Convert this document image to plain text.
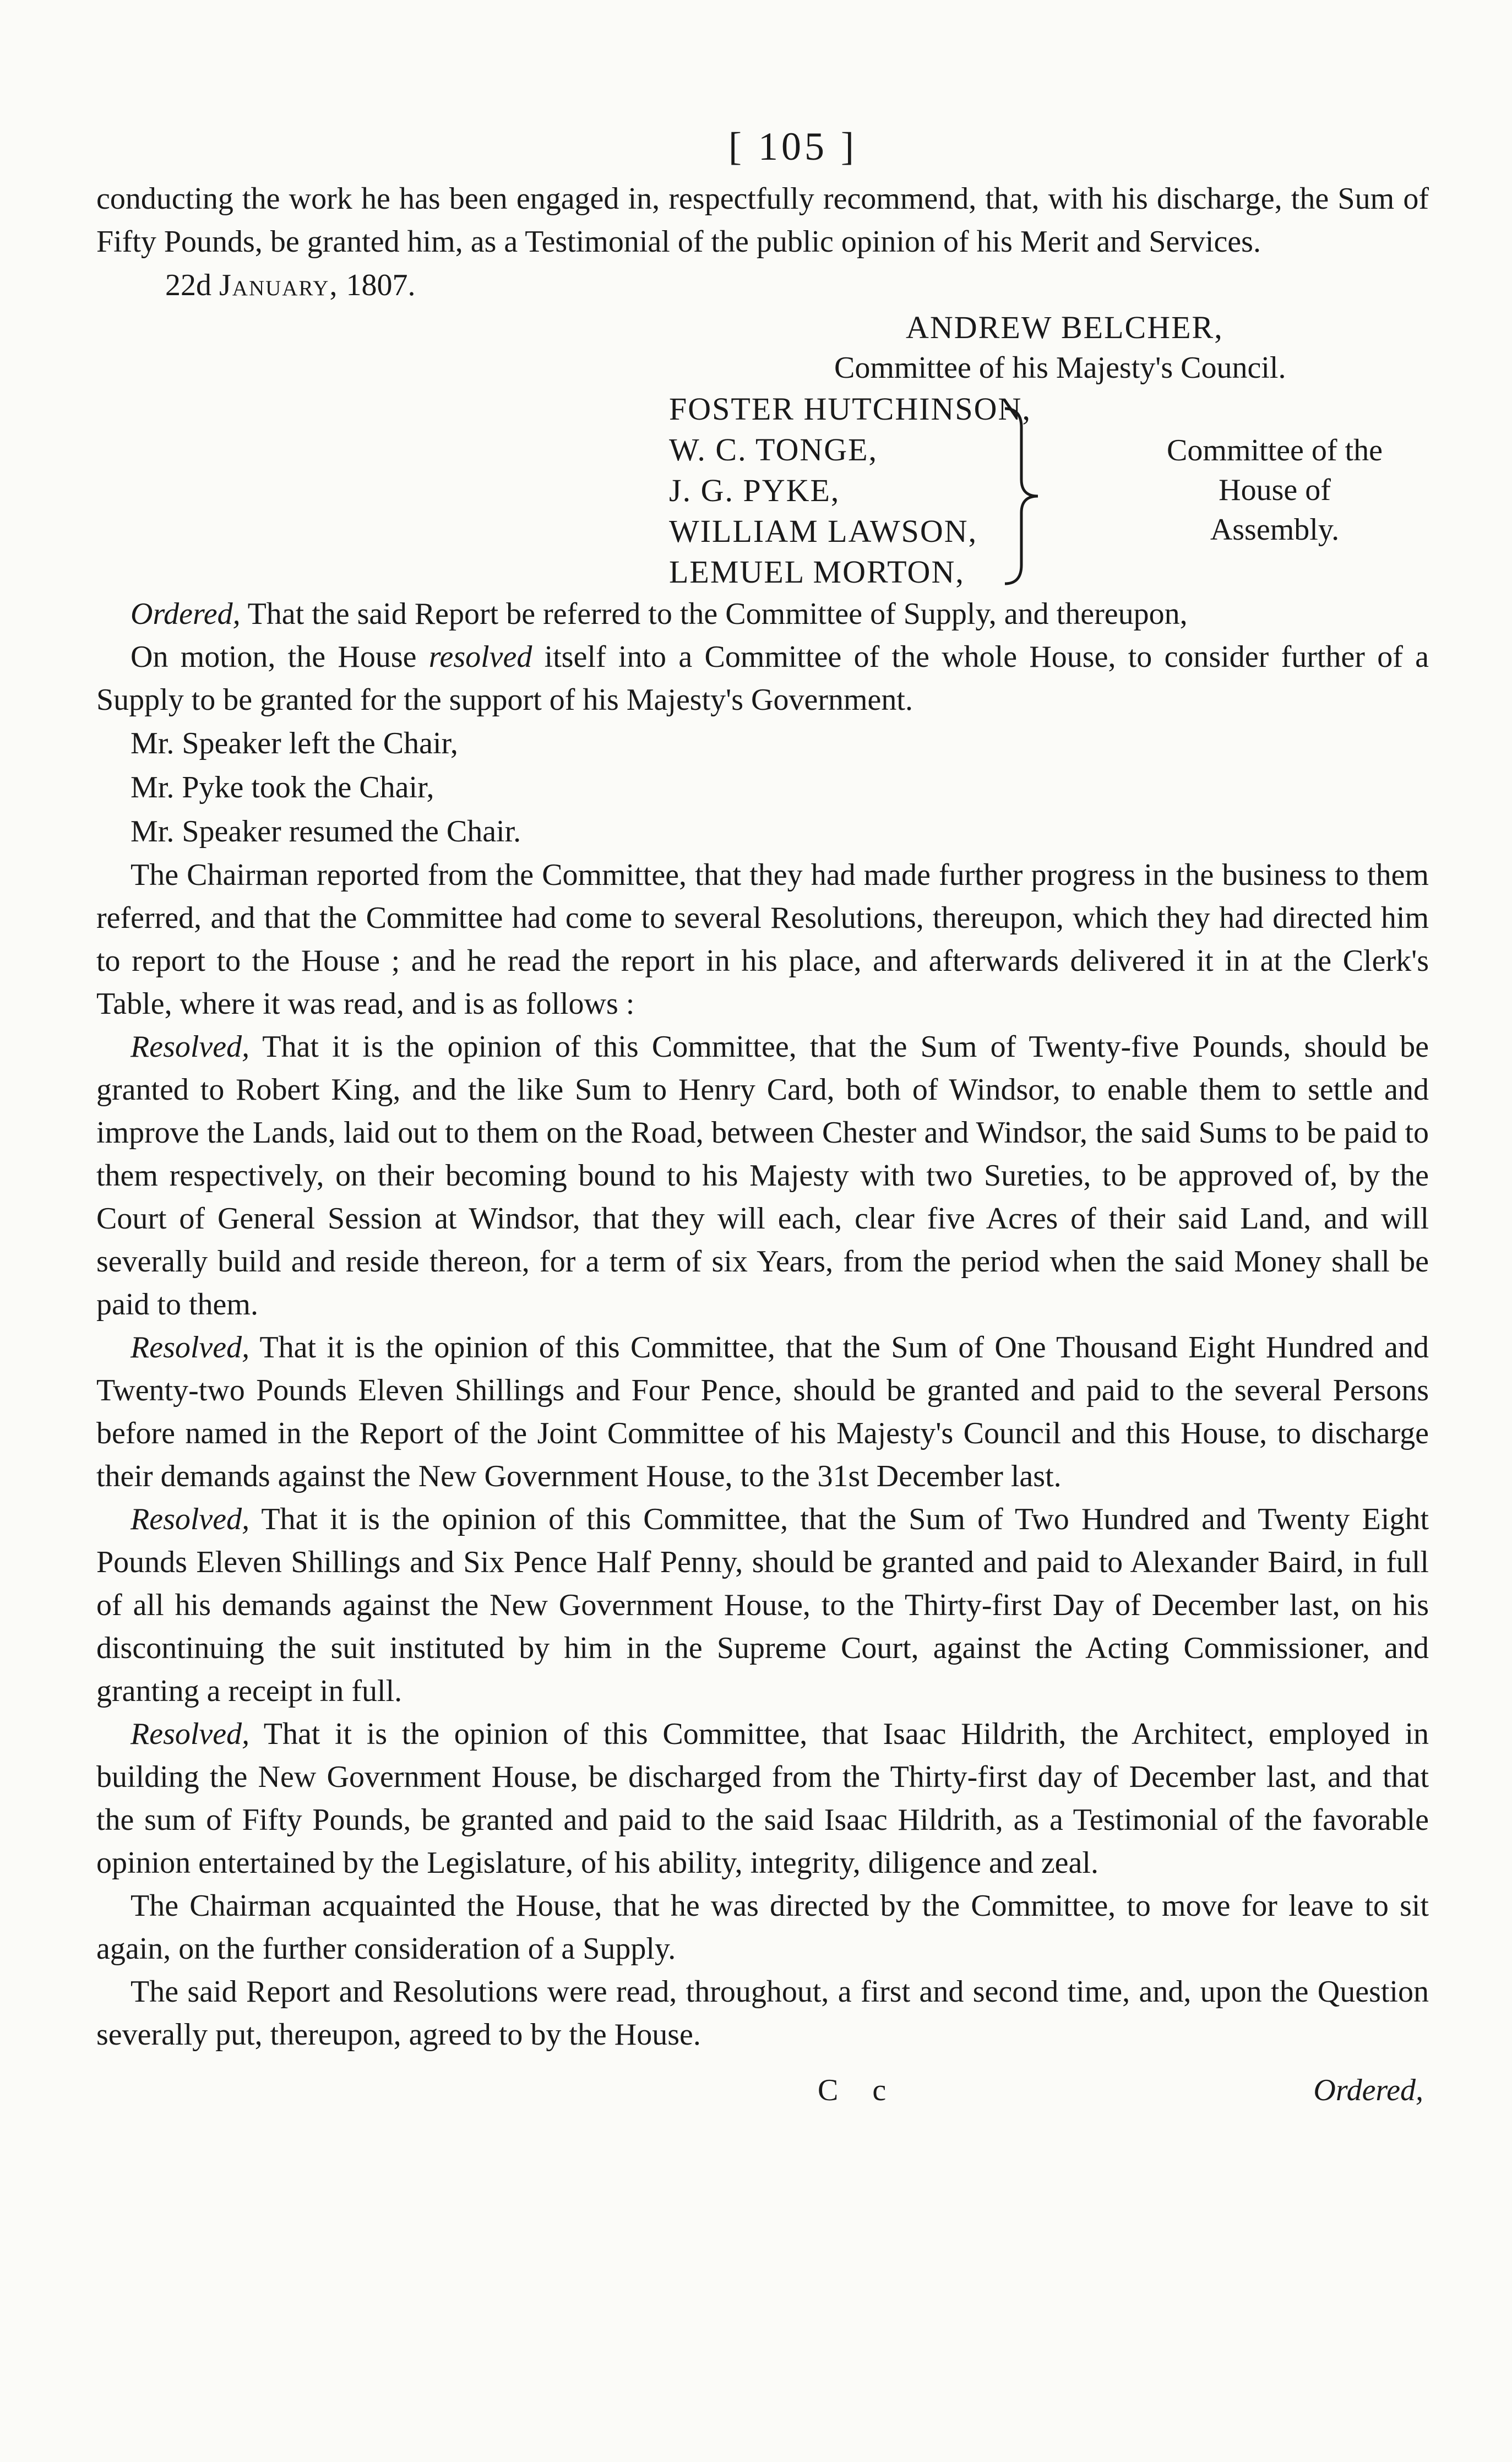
[ 105 ]

conducting the work he has been engaged in, respectfully recommend, that, with his discharge, the Sum of Fifty Pounds, be granted him, as a Testimonial of the public opinion of his Merit and Services.

22d January, 1807.
ANDREW BELCHER,
Committee of his Majesty's Council.
FOSTER HUTCHINSON,
W. C. TONGE,
J. G. PYKE,
WILLIAM LAWSON,
LEMUEL MORTON,
Committee of the
House of
Assembly.

Ordered, That the said Report be referred to the Committee of Supply, and thereupon,

On motion, the House resolved itself into a Committee of the whole House, to consider further of a Supply to be granted for the support of his Majesty's Government.

Mr. Speaker left the Chair,
Mr. Pyke took the Chair,
Mr. Speaker resumed the Chair.

The Chairman reported from the Committee, that they had made further progress in the business to them referred, and that the Committee had come to several Resolutions, thereupon, which they had directed him to report to the House ; and he read the report in his place, and afterwards delivered it in at the Clerk's Table, where it was read, and is as follows :

Resolved, That it is the opinion of this Committee, that the Sum of Twenty-five Pounds, should be granted to Robert King, and the like Sum to Henry Card, both of Windsor, to enable them to settle and improve the Lands, laid out to them on the Road, between Chester and Windsor, the said Sums to be paid to them respectively, on their becoming bound to his Majesty with two Sureties, to be approved of, by the Court of General Session at Windsor, that they will each, clear five Acres of their said Land, and will severally build and reside thereon, for a term of six Years, from the period when the said Money shall be paid to them.

Resolved, That it is the opinion of this Committee, that the Sum of One Thousand Eight Hundred and Twenty-two Pounds Eleven Shillings and Four Pence, should be granted and paid to the several Persons before named in the Report of the Joint Committee of his Majesty's Council and this House, to discharge their demands against the New Government House, to the 31st December last.

Resolved, That it is the opinion of this Committee, that the Sum of Two Hundred and Twenty Eight Pounds Eleven Shillings and Six Pence Half Penny, should be granted and paid to Alexander Baird, in full of all his demands against the New Government House, to the Thirty-first Day of December last, on his discontinuing the suit instituted by him in the Supreme Court, against the Acting Commissioner, and granting a receipt in full.

Resolved, That it is the opinion of this Committee, that Isaac Hildrith, the Architect, employed in building the New Government House, be discharged from the Thirty-first day of December last, and that the sum of Fifty Pounds, be granted and paid to the said Isaac Hildrith, as a Testimonial of the favorable opinion entertained by the Legislature, of his ability, integrity, diligence and zeal.

The Chairman acquainted the House, that he was directed by the Committee, to move for leave to sit again, on the further consideration of a Supply.

The said Report and Resolutions were read, throughout, a first and second time, and, upon the Question severally put, thereupon, agreed to by the House.

C c	Ordered,
